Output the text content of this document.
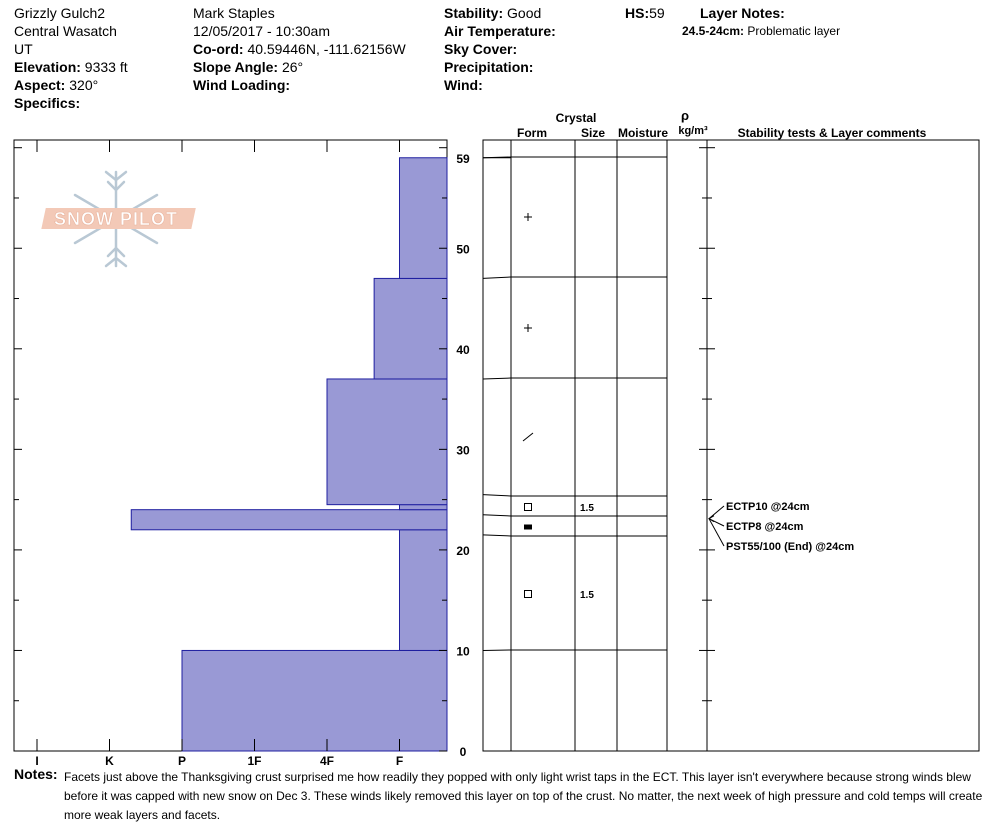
Grizzly Gulch2
Central Wasatch
UT
Elevation: 9333 ft
Aspect: 320°
Specifics:
Mark Staples
12/05/2017 - 10:30am
Co-ord: 40.59446N, -111.62156W
Slope Angle: 26°
Wind Loading:
Stability: Good
Air Temperature:
Sky Cover:
Precipitation:
Wind:
HS:59	Layer Notes:
24.5-24cm: Problematic layer
SNOW PILOT
I	K	P	1F	4F	F
0
10
20
30
40
50
59
1.5
1.5	ECTP10 @24cm
ECTP8 @24cm
PST55/100 (End) @24cm
Crystal
Form	Size Moisture
ρ
kg/m³ Stability tests & Layer comments
Notes: Facets just above the Thanksgiving crust surprised me how readily they popped with only light wrist taps in the ECT. This layer isn't everywhere because strong winds blew before it was capped with new snow on Dec 3. These winds likely removed this layer on top of the crust. No matter, the next week of high pressure and cold temps will create more weak layers and facets.
